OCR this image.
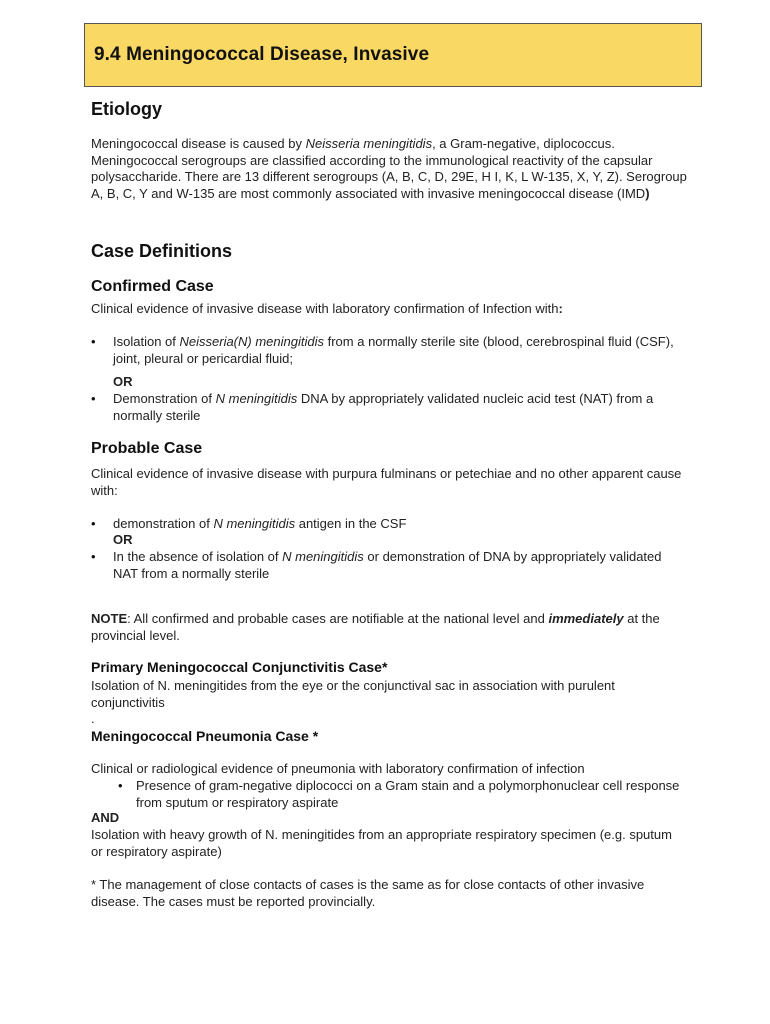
9.4 Meningococcal Disease, Invasive
Etiology
Meningococcal disease is caused by Neisseria meningitidis, a Gram-negative, diplococcus. Meningococcal serogroups are classified according to the immunological reactivity of the capsular polysaccharide. There are 13 different serogroups (A, B, C, D, 29E, H I, K, L W-135, X, Y, Z). Serogroup A, B, C, Y and W-135 are most commonly associated with invasive meningococcal disease (IMD)
Case Definitions
Confirmed Case
Clinical evidence of invasive disease with laboratory confirmation of Infection with:
• Isolation of Neisseria(N) meningitidis from a normally sterile site (blood, cerebrospinal fluid (CSF), joint, pleural or pericardial fluid;
OR
• Demonstration of N meningitidis DNA by appropriately validated nucleic acid test (NAT) from a normally sterile
Probable Case
Clinical evidence of invasive disease with purpura fulminans or petechiae and no other apparent cause with:
• demonstration of N meningitidis antigen in the CSF
OR
• In the absence of isolation of N meningitidis or demonstration of DNA by appropriately validated NAT from a normally sterile
NOTE: All confirmed and probable cases are notifiable at the national level and immediately at the provincial level.
Primary Meningococcal Conjunctivitis Case*
Isolation of N. meningitides from the eye or the conjunctival sac in association with purulent conjunctivitis
.
Meningococcal Pneumonia Case *
Clinical or radiological evidence of pneumonia with laboratory confirmation of infection
• Presence of gram-negative diplococci on a Gram stain and a polymorphonuclear cell response from sputum or respiratory aspirate
AND
Isolation with heavy growth of N. meningitides from an appropriate respiratory specimen (e.g. sputum or respiratory aspirate)
* The management of close contacts of cases is the same as for close contacts of other invasive disease. The cases must be reported provincially.
